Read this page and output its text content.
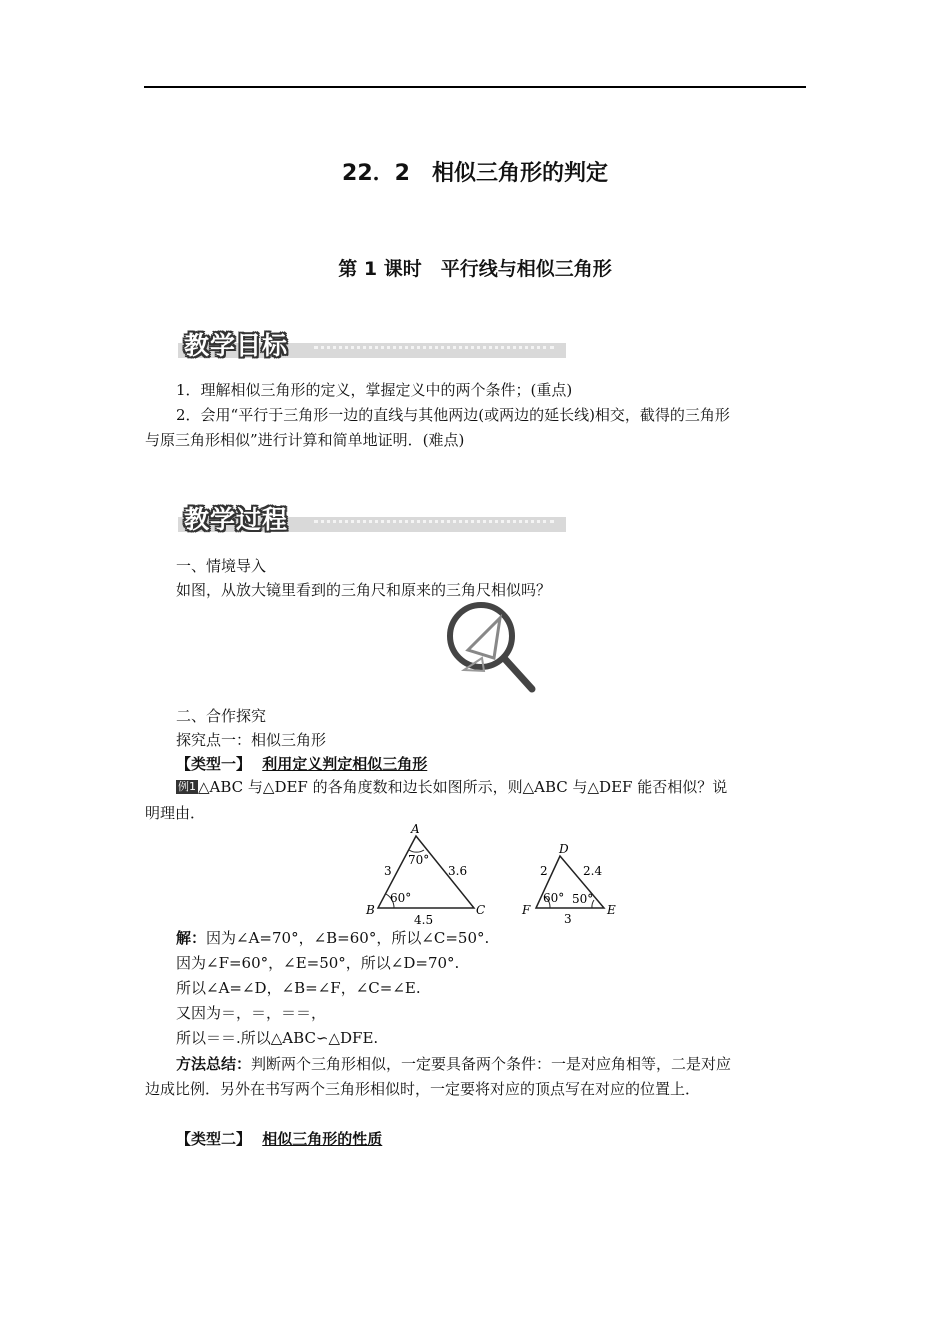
22．2　相似三角形的判定
第 1 课时　平行线与相似三角形
教学目标
1．理解相似三角形的定义，掌握定义中的两个条件；(重点)
2．会用“平行于三角形一边的直线与其他两边(或两边的延长线)相交，截得的三角形
与原三角形相似”进行计算和简单地证明．(难点)
教学过程
一、情境导入
如图，从放大镜里看到的三角尺和原来的三角尺相似吗？
二、合作探究
探究点一：相似三角形
【类型一】 利用定义判定相似三角形
例1 △ABC 与△DEF 的各角度数和边长如图所示，则△ABC 与△DEF 能否相似？说
明理由．
A
B	C
70°
60°
3	3.6
4.5
D
F	E
60° 50°
2	2.4
3
解：因为∠A=70°，∠B=60°，所以∠C=50°.
因为∠F=60°，∠E=50°，所以∠D=70°.
所以∠A=∠D，∠B=∠F，∠C=∠E.
又因为＝，＝，＝＝，
所以＝＝.所以△ABC∽△DFE.
方法总结：判断两个三角形相似，一定要具备两个条件：一是对应角相等，二是对应
边成比例．另外在书写两个三角形相似时，一定要将对应的顶点写在对应的位置上．
【类型二】 相似三角形的性质
